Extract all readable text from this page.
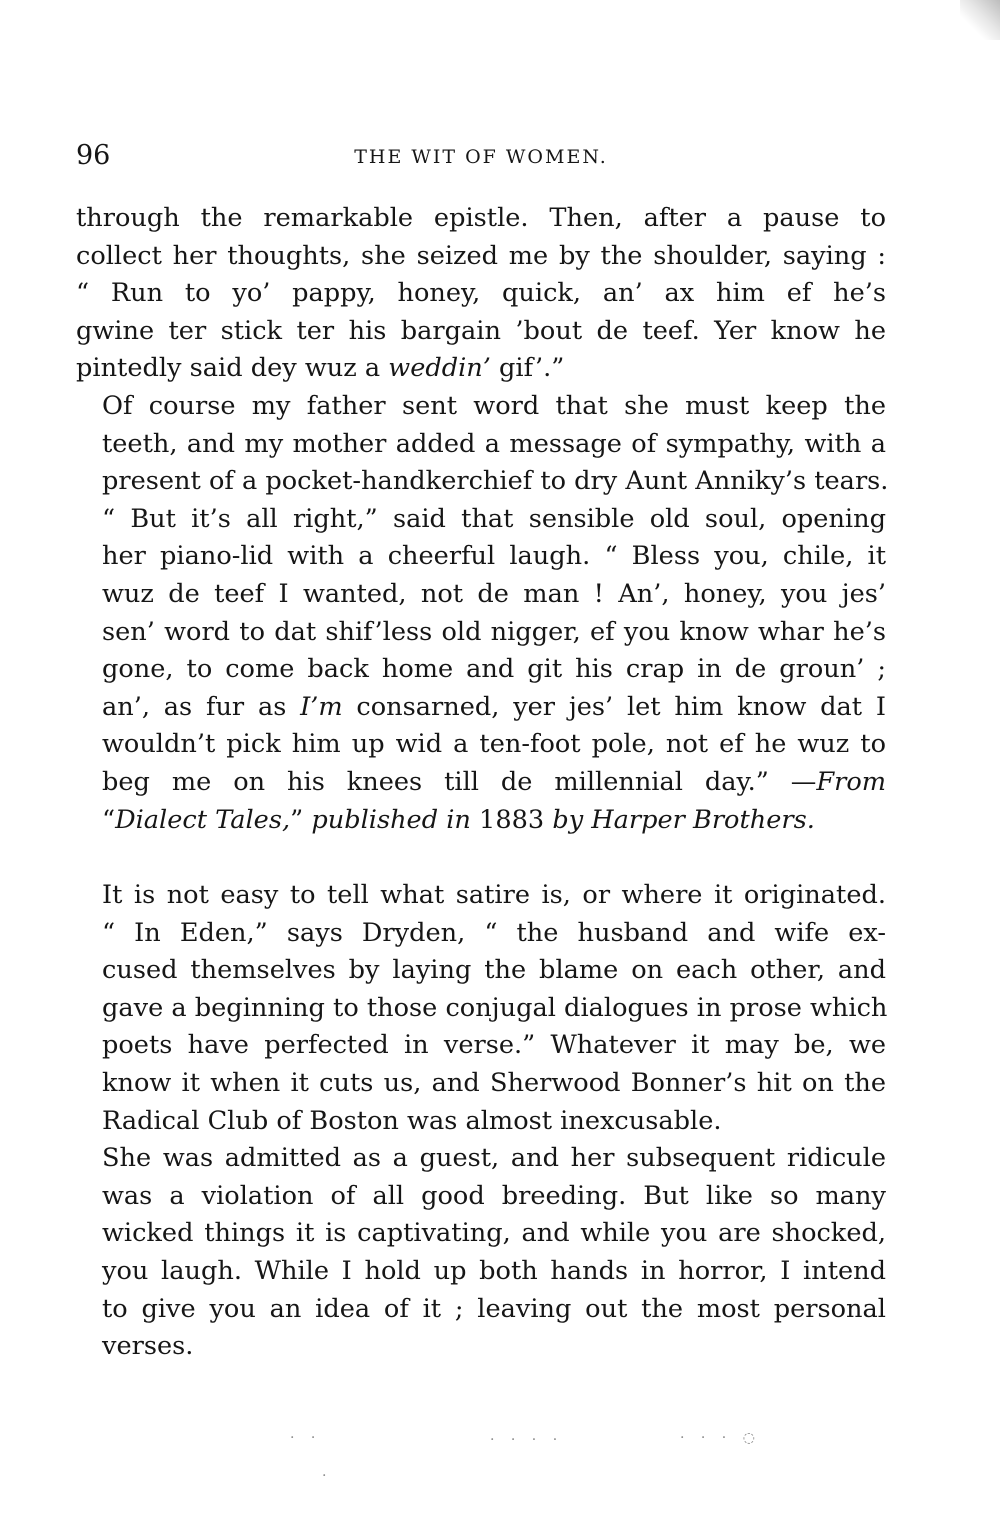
96	THE WIT OF WOMEN.

through the remarkable epistle. Then, after a pause to
collect her thoughts, she seized me by the shoulder, saying :
“ Run to yo’ pappy, honey, quick, an’ ax him ef he’s
gwine ter stick ter his bargain ’bout de teef. Yer know he
pintedly said dey wuz a weddin’ gif’.”

Of course my father sent word that she must keep the
teeth, and my mother added a message of sympathy, with a
present of a pocket-handkerchief to dry Aunt Anniky’s tears.

“ But it’s all right,” said that sensible old soul, opening
her piano-lid with a cheerful laugh. “ Bless you, chile, it
wuz de teef I wanted, not de man ! An’, honey, you jes’
sen’ word to dat shif’less old nigger, ef you know whar he’s
gone, to come back home and git his crap in de groun’ ;
an’, as fur as I’m consarned, yer jes’ let him know dat I
wouldn’t pick him up wid a ten-foot pole, not ef he wuz to
beg me on his knees till de millennial day.” —From
“Dialect Tales,” published in 1883 by Harper Brothers.

It is not easy to tell what satire is, or where it originated.
“ In Eden,” says Dryden, “ the husband and wife ex-
cused themselves by laying the blame on each other, and
gave a beginning to those conjugal dialogues in prose which
poets have perfected in verse.” Whatever it may be, we
know it when it cuts us, and Sherwood Bonner’s hit on the
Radical Club of Boston was almost inexcusable.

She was admitted as a guest, and her subsequent ridicule
was a violation of all good breeding. But like so many
wicked things it is captivating, and while you are shocked,
you laugh. While I hold up both hands in horror, I intend
to give you an idea of it ; leaving out the most personal
verses.

· ·	· · · ·	· · · ◌
·
